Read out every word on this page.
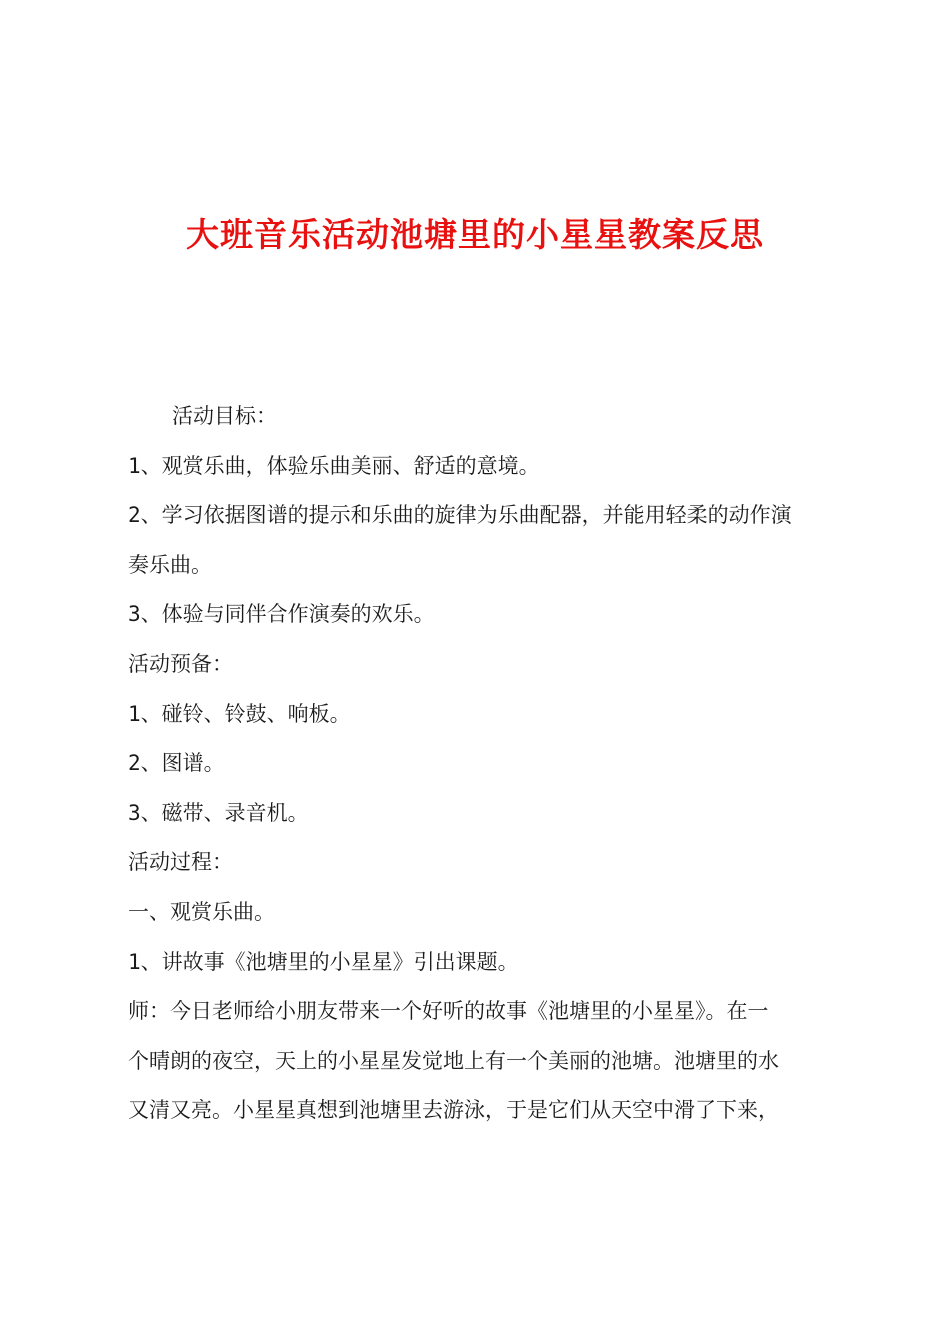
大班音乐活动池塘里的小星星教案反思
活动目标：
1、观赏乐曲，体验乐曲美丽、舒适的意境。
2、学习依据图谱的提示和乐曲的旋律为乐曲配器，并能用轻柔的动作演
奏乐曲。
3、体验与同伴合作演奏的欢乐。
活动预备：
1、碰铃、铃鼓、响板。
2、图谱。
3、磁带、录音机。
活动过程：
一、观赏乐曲。
1、讲故事《池塘里的小星星》引出课题。
师：今日老师给小朋友带来一个好听的故事《池塘里的小星星》。在一
个晴朗的夜空，天上的小星星发觉地上有一个美丽的池塘。池塘里的水
又清又亮。小星星真想到池塘里去游泳，于是它们从天空中滑了下来，
